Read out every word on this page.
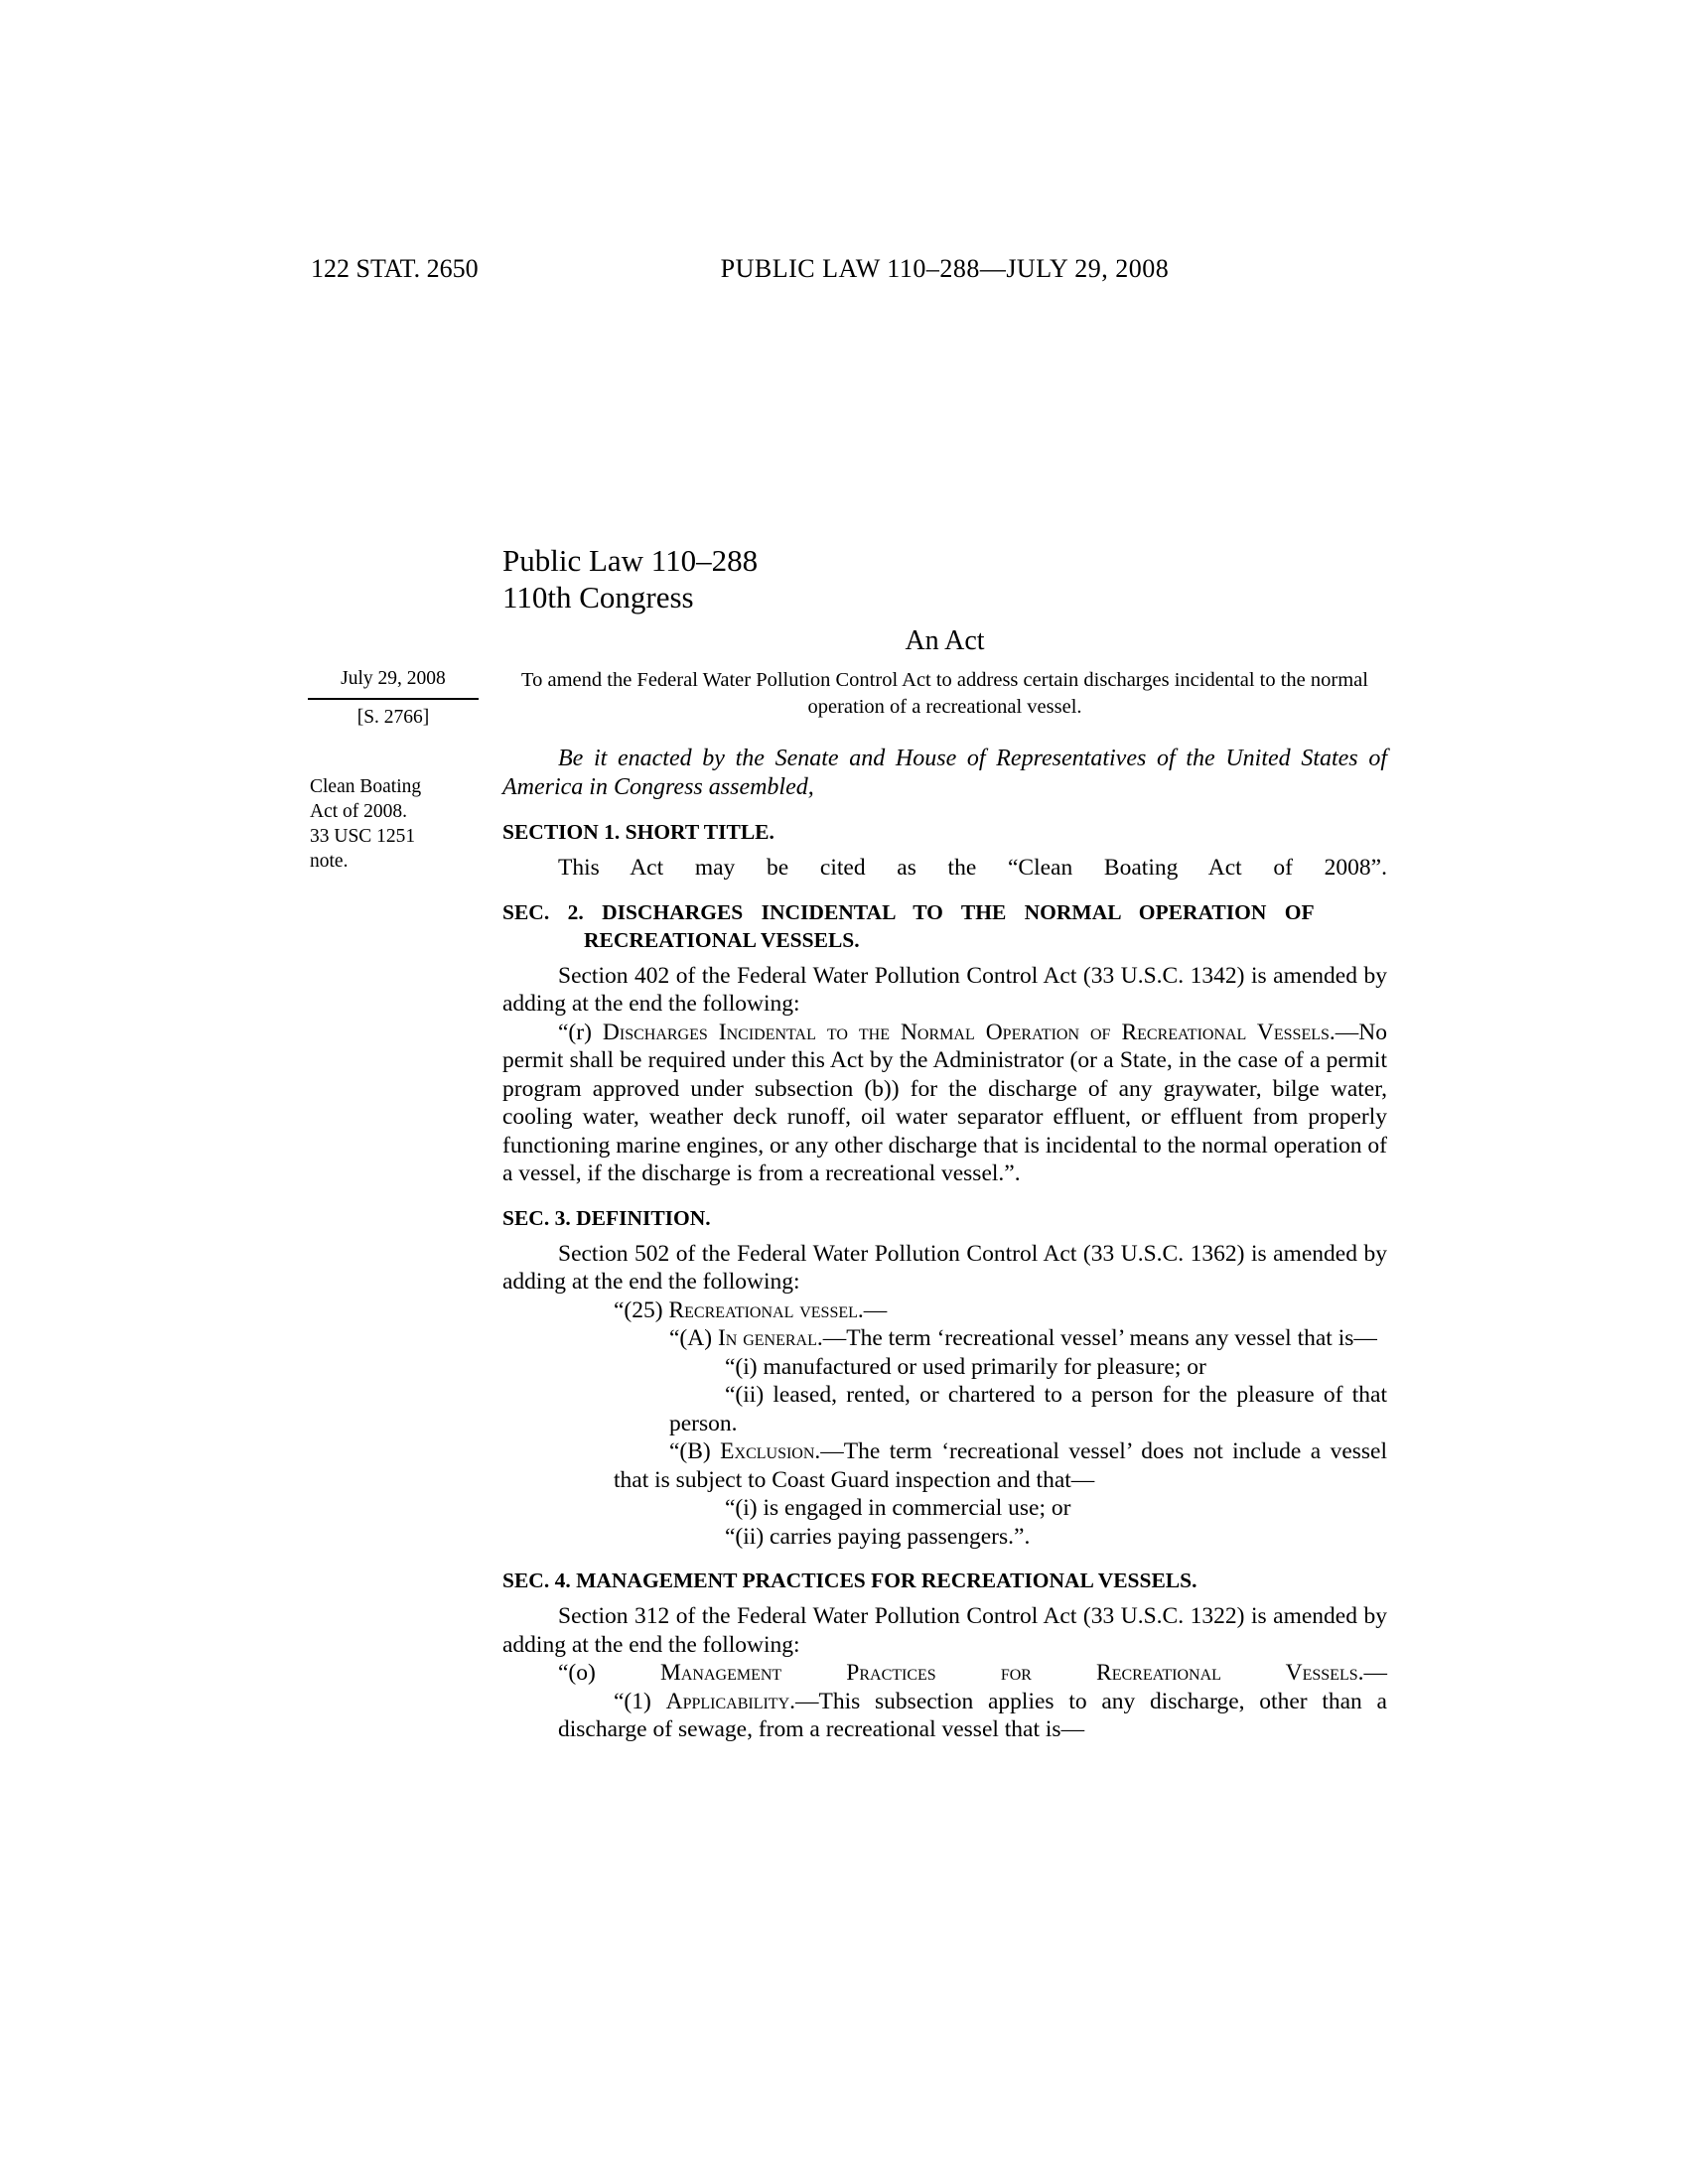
122 STAT. 2650	PUBLIC LAW 110–288—JULY 29, 2008
July 29, 2008
[S. 2766]
Clean Boating
Act of 2008.
33 USC 1251
note.
Public Law 110–288
110th Congress
An Act
To amend the Federal Water Pollution Control Act to address certain discharges incidental to the normal operation of a recreational vessel.
Be it enacted by the Senate and House of Representatives of the United States of America in Congress assembled,
SECTION 1. SHORT TITLE.

This Act may be cited as the “Clean Boating Act of 2008”.

SEC. 2. DISCHARGES INCIDENTAL TO THE NORMAL OPERATION OF
RECREATIONAL VESSELS.

Section 402 of the Federal Water Pollution Control Act (33 U.S.C. 1342) is amended by adding at the end the following:

“(r) Discharges Incidental to the Normal Operation of Recreational Vessels.—No permit shall be required under this Act by the Administrator (or a State, in the case of a permit program approved under subsection (b)) for the discharge of any graywater, bilge water, cooling water, weather deck runoff, oil water separator effluent, or effluent from properly functioning marine engines, or any other discharge that is incidental to the normal operation of a vessel, if the discharge is from a recreational vessel.”.

SEC. 3. DEFINITION.

Section 502 of the Federal Water Pollution Control Act (33 U.S.C. 1362) is amended by adding at the end the following:

“(25) Recreational vessel.—

“(A) In general.—The term ‘recreational vessel’ means any vessel that is—

“(i) manufactured or used primarily for pleasure; or

“(ii) leased, rented, or chartered to a person for the pleasure of that person.

“(B) Exclusion.—The term ‘recreational vessel’ does not include a vessel that is subject to Coast Guard inspection and that—

“(i) is engaged in commercial use; or

“(ii) carries paying passengers.”.

SEC. 4. MANAGEMENT PRACTICES FOR RECREATIONAL VESSELS.

Section 312 of the Federal Water Pollution Control Act (33 U.S.C. 1322) is amended by adding at the end the following:

“(o) Management Practices for Recreational Vessels.—

“(1) Applicability.—This subsection applies to any discharge, other than a discharge of sewage, from a recreational vessel that is—
